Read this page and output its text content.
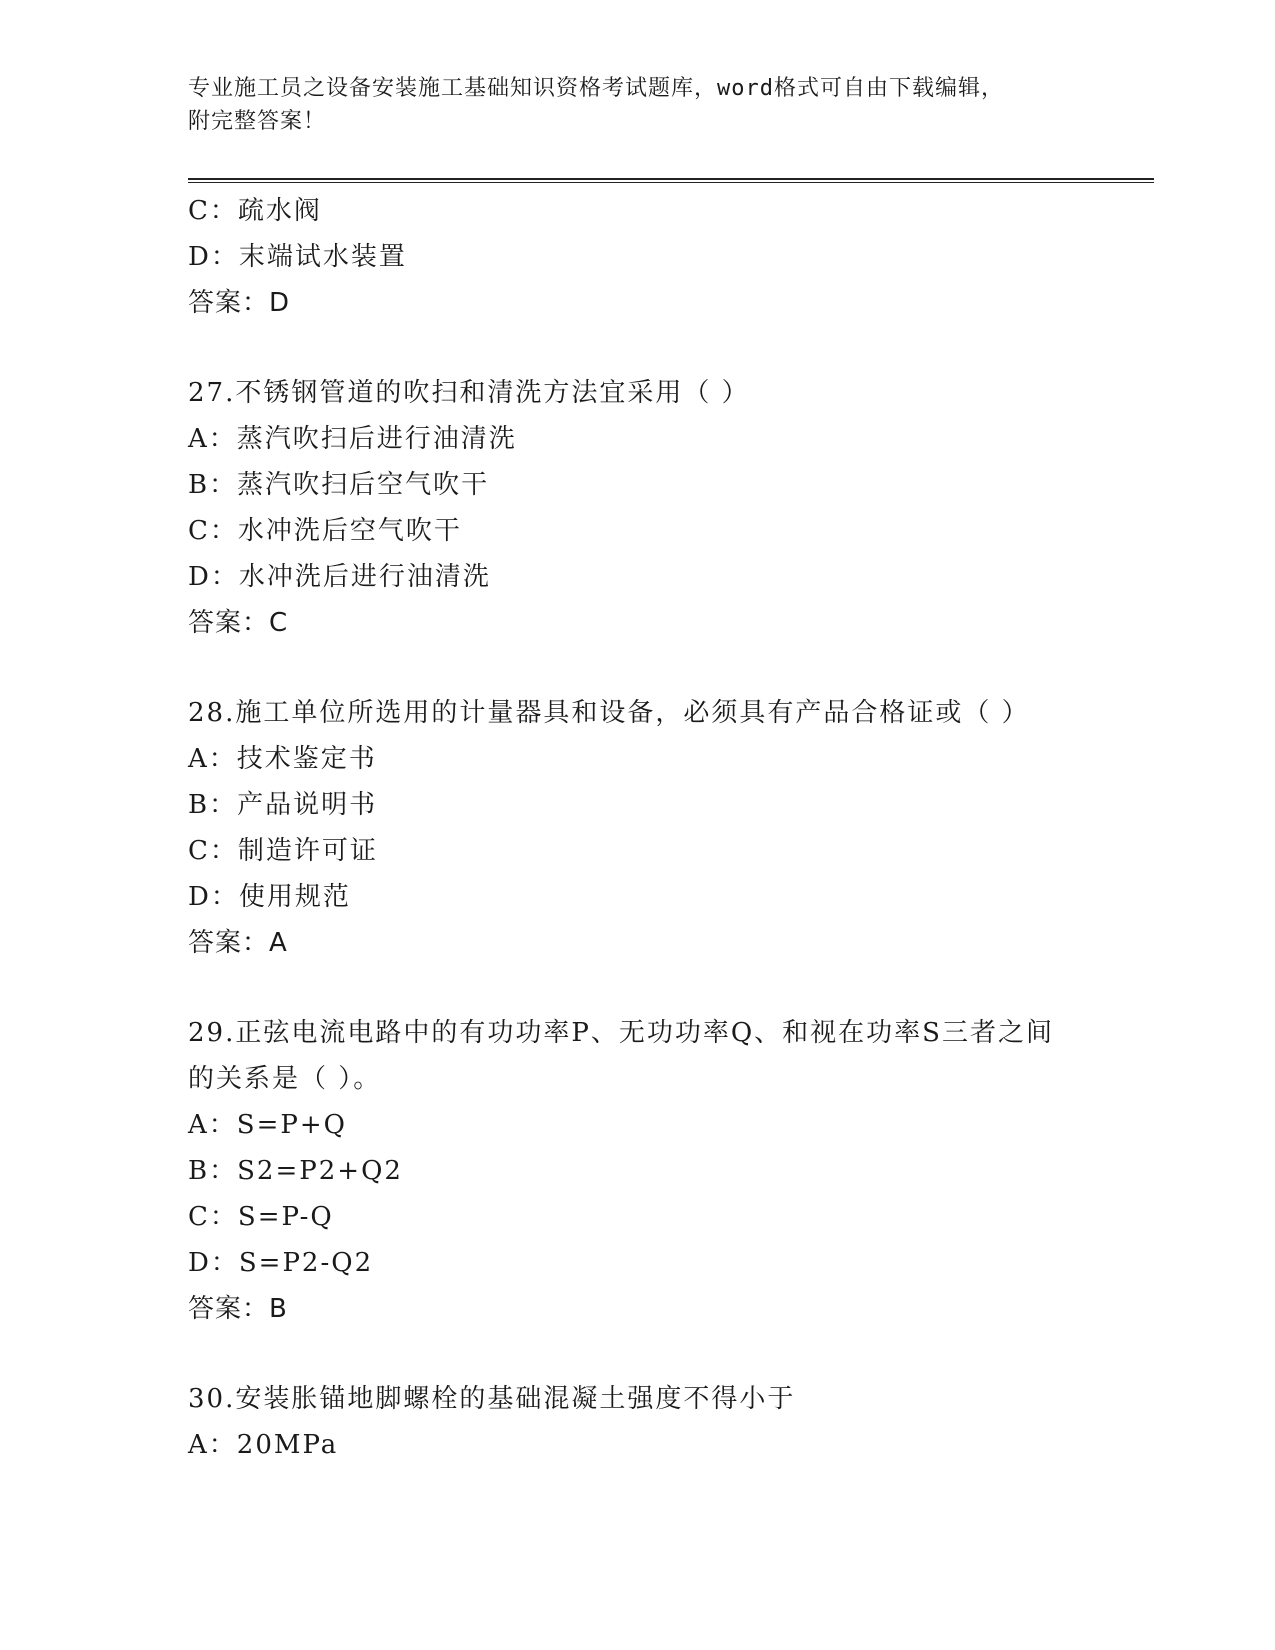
专业施工员之设备安装施工基础知识资格考试题库，word格式可自由下载编辑，
附完整答案！
C：疏水阀
D：末端试水装置
答案：D
27.不锈钢管道的吹扫和清洗方法宜采用（ ）
A：蒸汽吹扫后进行油清洗
B：蒸汽吹扫后空气吹干
C：水冲洗后空气吹干
D：水冲洗后进行油清洗
答案：C
28.施工单位所选用的计量器具和设备，必须具有产品合格证或（ ）
A：技术鉴定书
B：产品说明书
C：制造许可证
D：使用规范
答案：A
29.正弦电流电路中的有功功率P、无功功率Q、和视在功率S三者之间的关系是（ ）。
A：S=P+Q
B：S2=P2+Q2
C：S=P-Q
D：S=P2-Q2
答案：B
30.安装胀锚地脚螺栓的基础混凝土强度不得小于
A：20MPa
